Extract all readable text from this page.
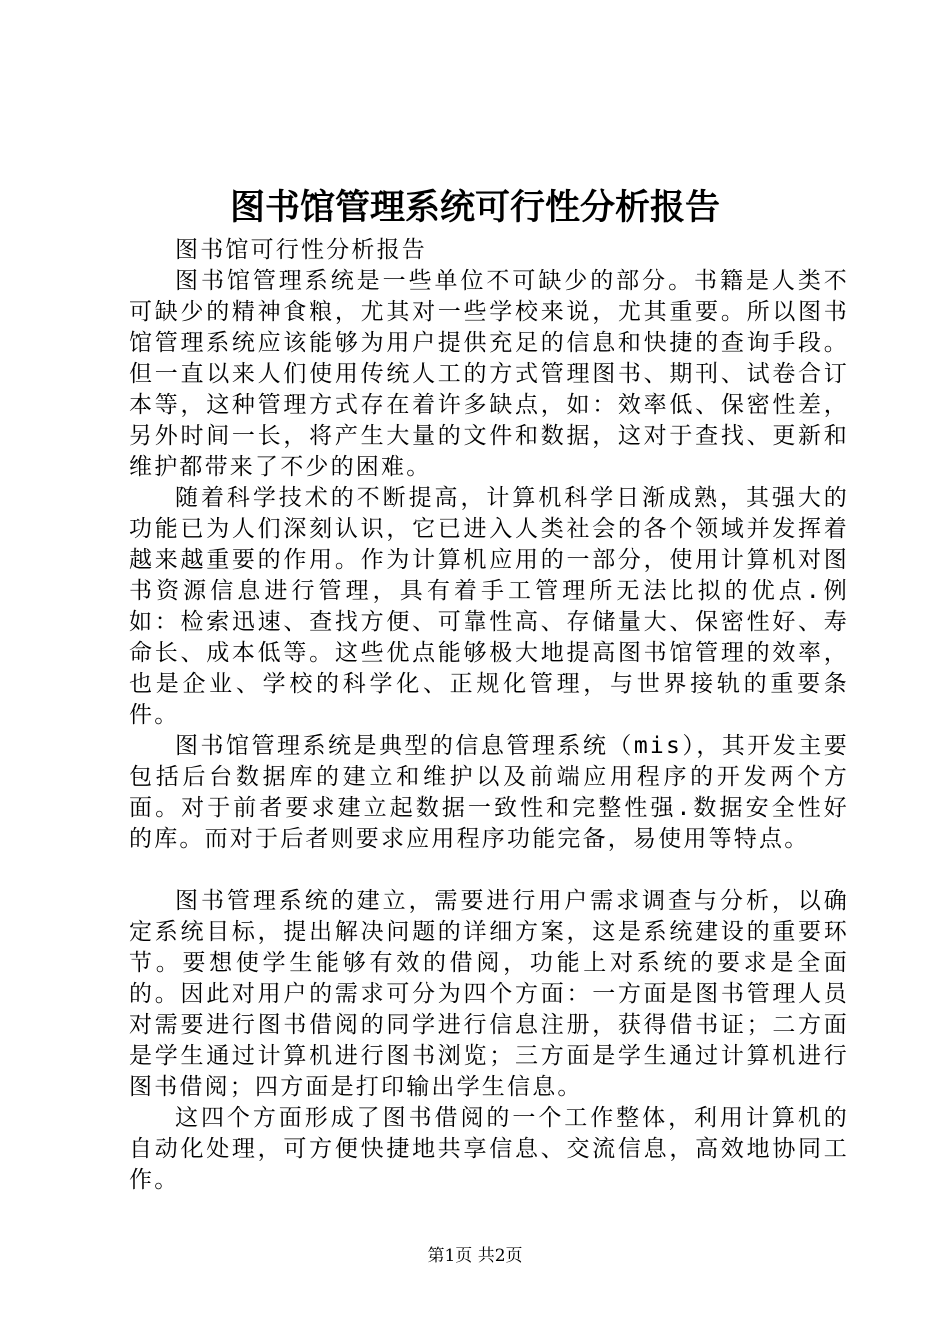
图书馆管理系统可行性分析报告

图书馆可行性分析报告

图书馆管理系统是一些单位不可缺少的部分。书籍是人类不可缺少的精神食粮，尤其对一些学校来说，尤其重要。所以图书馆管理系统应该能够为用户提供充足的信息和快捷的查询手段。但一直以来人们使用传统人工的方式管理图书、期刊、试卷合订本等，这种管理方式存在着许多缺点，如：效率低、保密性差，另外时间一长，将产生大量的文件和数据，这对于查找、更新和维护都带来了不少的困难。

随着科学技术的不断提高，计算机科学日渐成熟，其强大的功能已为人们深刻认识，它已进入人类社会的各个领域并发挥着越来越重要的作用。作为计算机应用的一部分，使用计算机对图书资源信息进行管理，具有着手工管理所无法比拟的优点.例如：检索迅速、查找方便、可靠性高、存储量大、保密性好、寿命长、成本低等。这些优点能够极大地提高图书馆管理的效率，也是企业、学校的科学化、正规化管理，与世界接轨的重要条件。

图书馆管理系统是典型的信息管理系统（mis），其开发主要包括后台数据库的建立和维护以及前端应用程序的开发两个方面。对于前者要求建立起数据一致性和完整性强.数据安全性好的库。而对于后者则要求应用程序功能完备，易使用等特点。

图书管理系统的建立，需要进行用户需求调查与分析，以确定系统目标，提出解决问题的详细方案，这是系统建设的重要环节。要想使学生能够有效的借阅，功能上对系统的要求是全面的。因此对用户的需求可分为四个方面：一方面是图书管理人员对需要进行图书借阅的同学进行信息注册，获得借书证；二方面是学生通过计算机进行图书浏览；三方面是学生通过计算机进行图书借阅；四方面是打印输出学生信息。

这四个方面形成了图书借阅的一个工作整体，利用计算机的自动化处理，可方便快捷地共享信息、交流信息，高效地协同工作。

第1页 共2页
